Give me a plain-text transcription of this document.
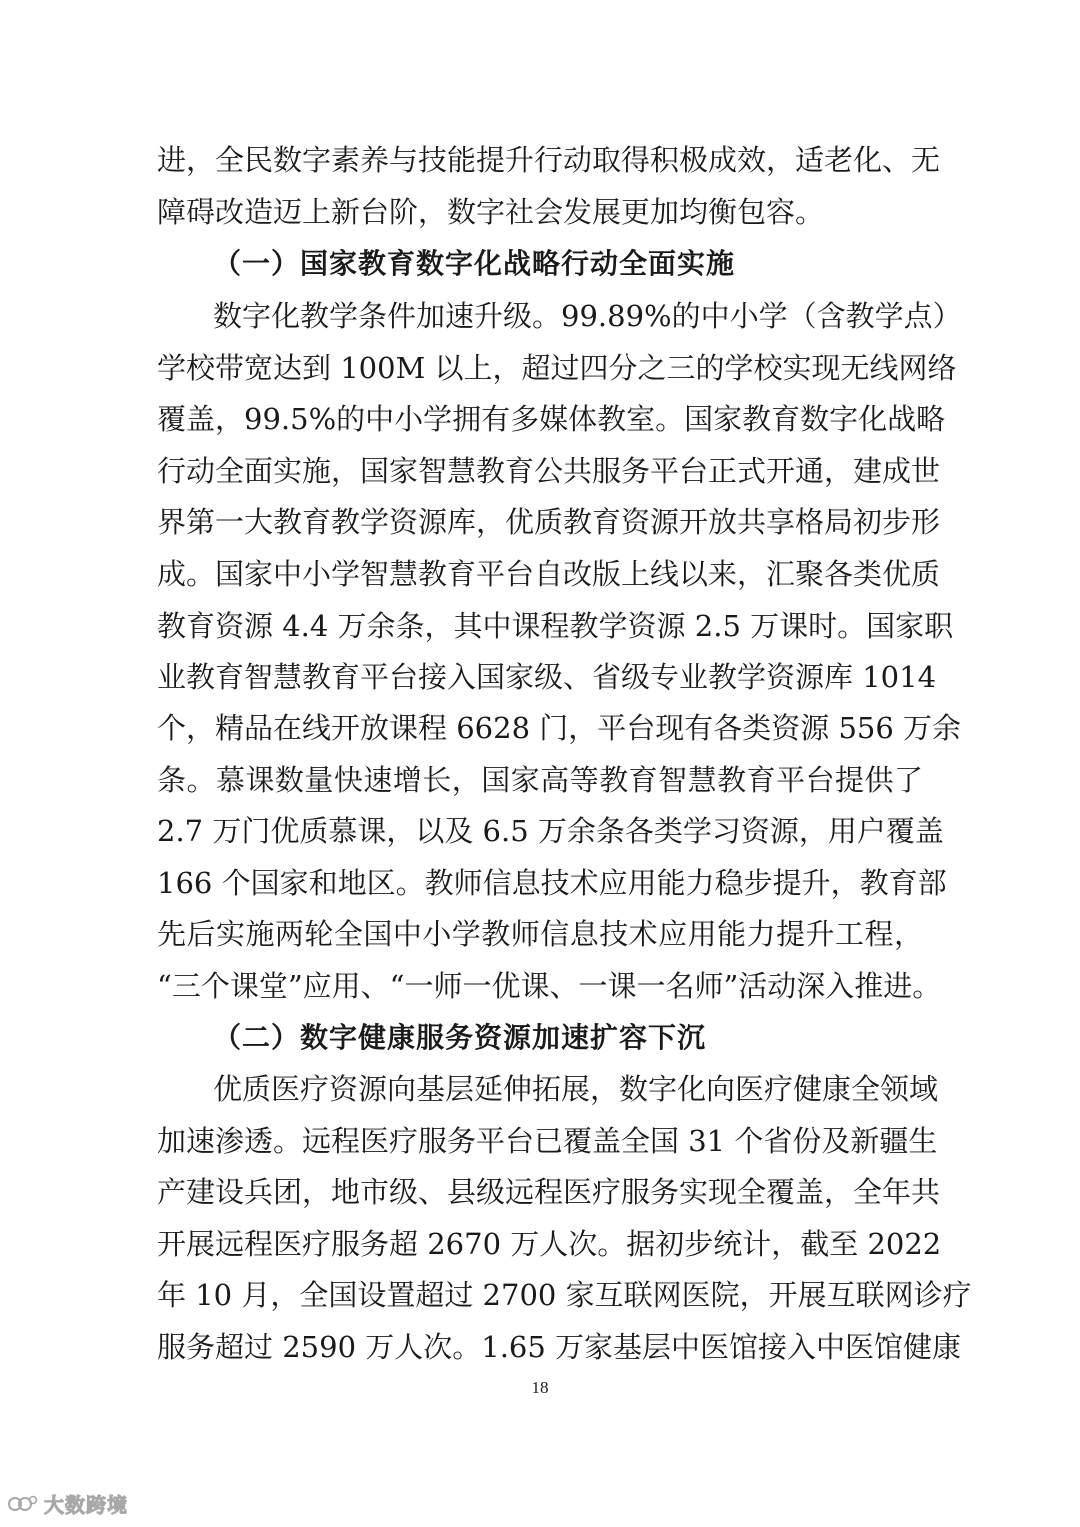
进，全民数字素养与技能提升行动取得积极成效，适老化、无
障碍改造迈上新台阶，数字社会发展更加均衡包容。
（一）国家教育数字化战略行动全面实施
数字化教学条件加速升级。99.89%的中小学（含教学点）
学校带宽达到 100M 以上，超过四分之三的学校实现无线网络
覆盖，99.5%的中小学拥有多媒体教室。国家教育数字化战略
行动全面实施，国家智慧教育公共服务平台正式开通，建成世
界第一大教育教学资源库，优质教育资源开放共享格局初步形
成。国家中小学智慧教育平台自改版上线以来，汇聚各类优质
教育资源 4.4 万余条，其中课程教学资源 2.5 万课时。国家职
业教育智慧教育平台接入国家级、省级专业教学资源库 1014
个，精品在线开放课程 6628 门，平台现有各类资源 556 万余
条。慕课数量快速增长，国家高等教育智慧教育平台提供了
2.7 万门优质慕课，以及 6.5 万余条各类学习资源，用户覆盖
166 个国家和地区。教师信息技术应用能力稳步提升，教育部
先后实施两轮全国中小学教师信息技术应用能力提升工程，
“三个课堂”应用、“一师一优课、一课一名师”活动深入推进。
（二）数字健康服务资源加速扩容下沉
优质医疗资源向基层延伸拓展，数字化向医疗健康全领域
加速渗透。远程医疗服务平台已覆盖全国 31 个省份及新疆生
产建设兵团，地市级、县级远程医疗服务实现全覆盖，全年共
开展远程医疗服务超 2670 万人次。据初步统计，截至 2022
年 10 月，全国设置超过 2700 家互联网医院，开展互联网诊疗
服务超过 2590 万人次。1.65 万家基层中医馆接入中医馆健康
18
大数跨境
